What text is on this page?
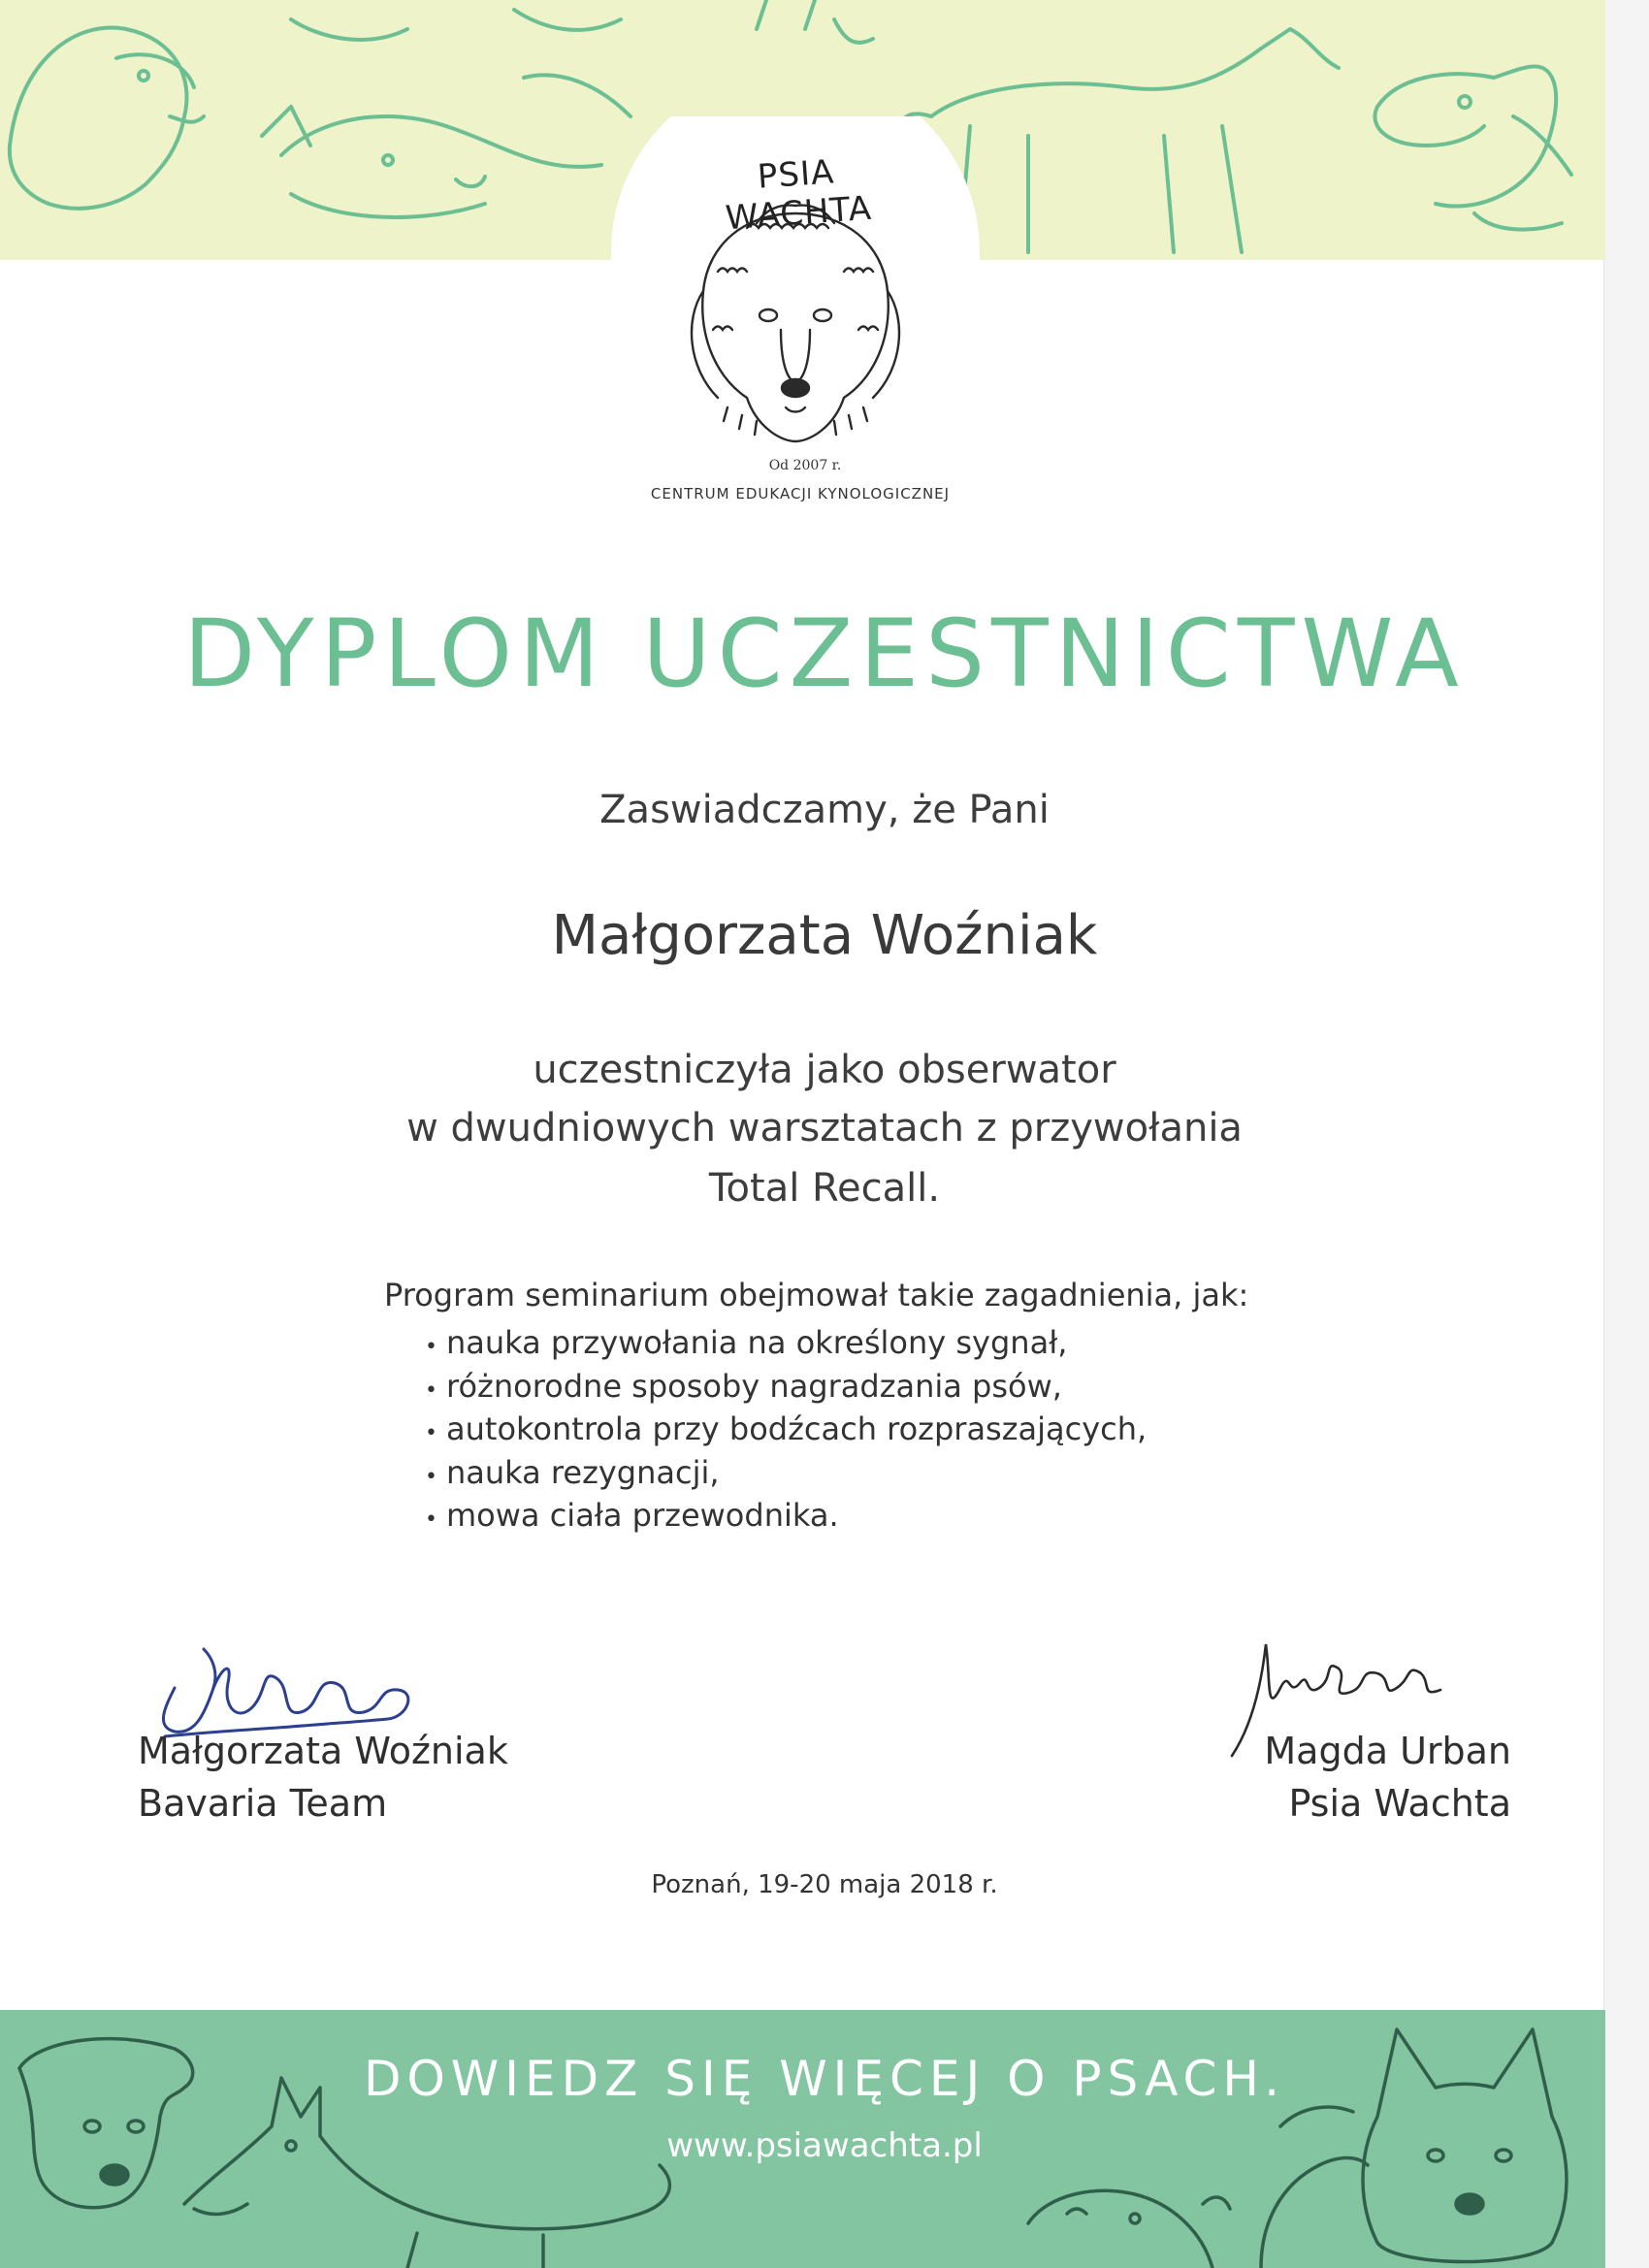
PSIA WACHTA
Od 2007 r.
CENTRUM EDUKACJI KYNOLOGICZNEJ
DYPLOM UCZESTNICTWA
Zaswiadczamy, że Pani
Małgorzata Woźniak
uczestniczyła jako obserwator
w dwudniowych warsztatach z przywołania
Total Recall.
Program seminarium obejmował takie zagadnienia, jak:
• nauka przywołania na określony sygnał,
• różnorodne sposoby nagradzania psów,
• autokontrola przy bodźcach rozpraszających,
• nauka rezygnacji,
• mowa ciała przewodnika.
Małgorzata Woźniak
Bavaria Team
Magda Urban
Psia Wachta
Poznań, 19-20 maja 2018 r.
DOWIEDZ SIĘ WIĘCEJ O PSACH.
www.psiawachta.pl
